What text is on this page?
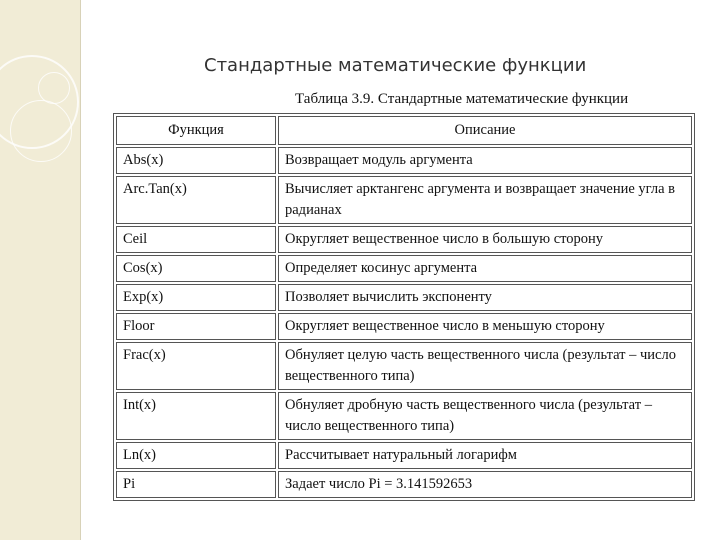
Стандартные математические функции

Таблица 3.9. Стандартные математические функции

Функция	Описание
Abs(x)	Возвращает модуль аргумента
Arc.Tan(x)	Вычисляет арктангенс аргумента и возвращает значение угла в радианах
Ceil	Округляет вещественное число в большую сторону
Cos(x)	Определяет косинус аргумента
Exp(x)	Позволяет вычислить экспоненту
Floor	Округляет вещественное число в меньшую сторону
Frac(x)	Обнуляет целую часть вещественного числа (результат – число вещественного типа)
Int(x)	Обнуляет дробную часть вещественного числа (результат – число вещественного типа)
Ln(x)	Рассчитывает натуральный логарифм
Pi	Задает число Pi = 3.141592653
